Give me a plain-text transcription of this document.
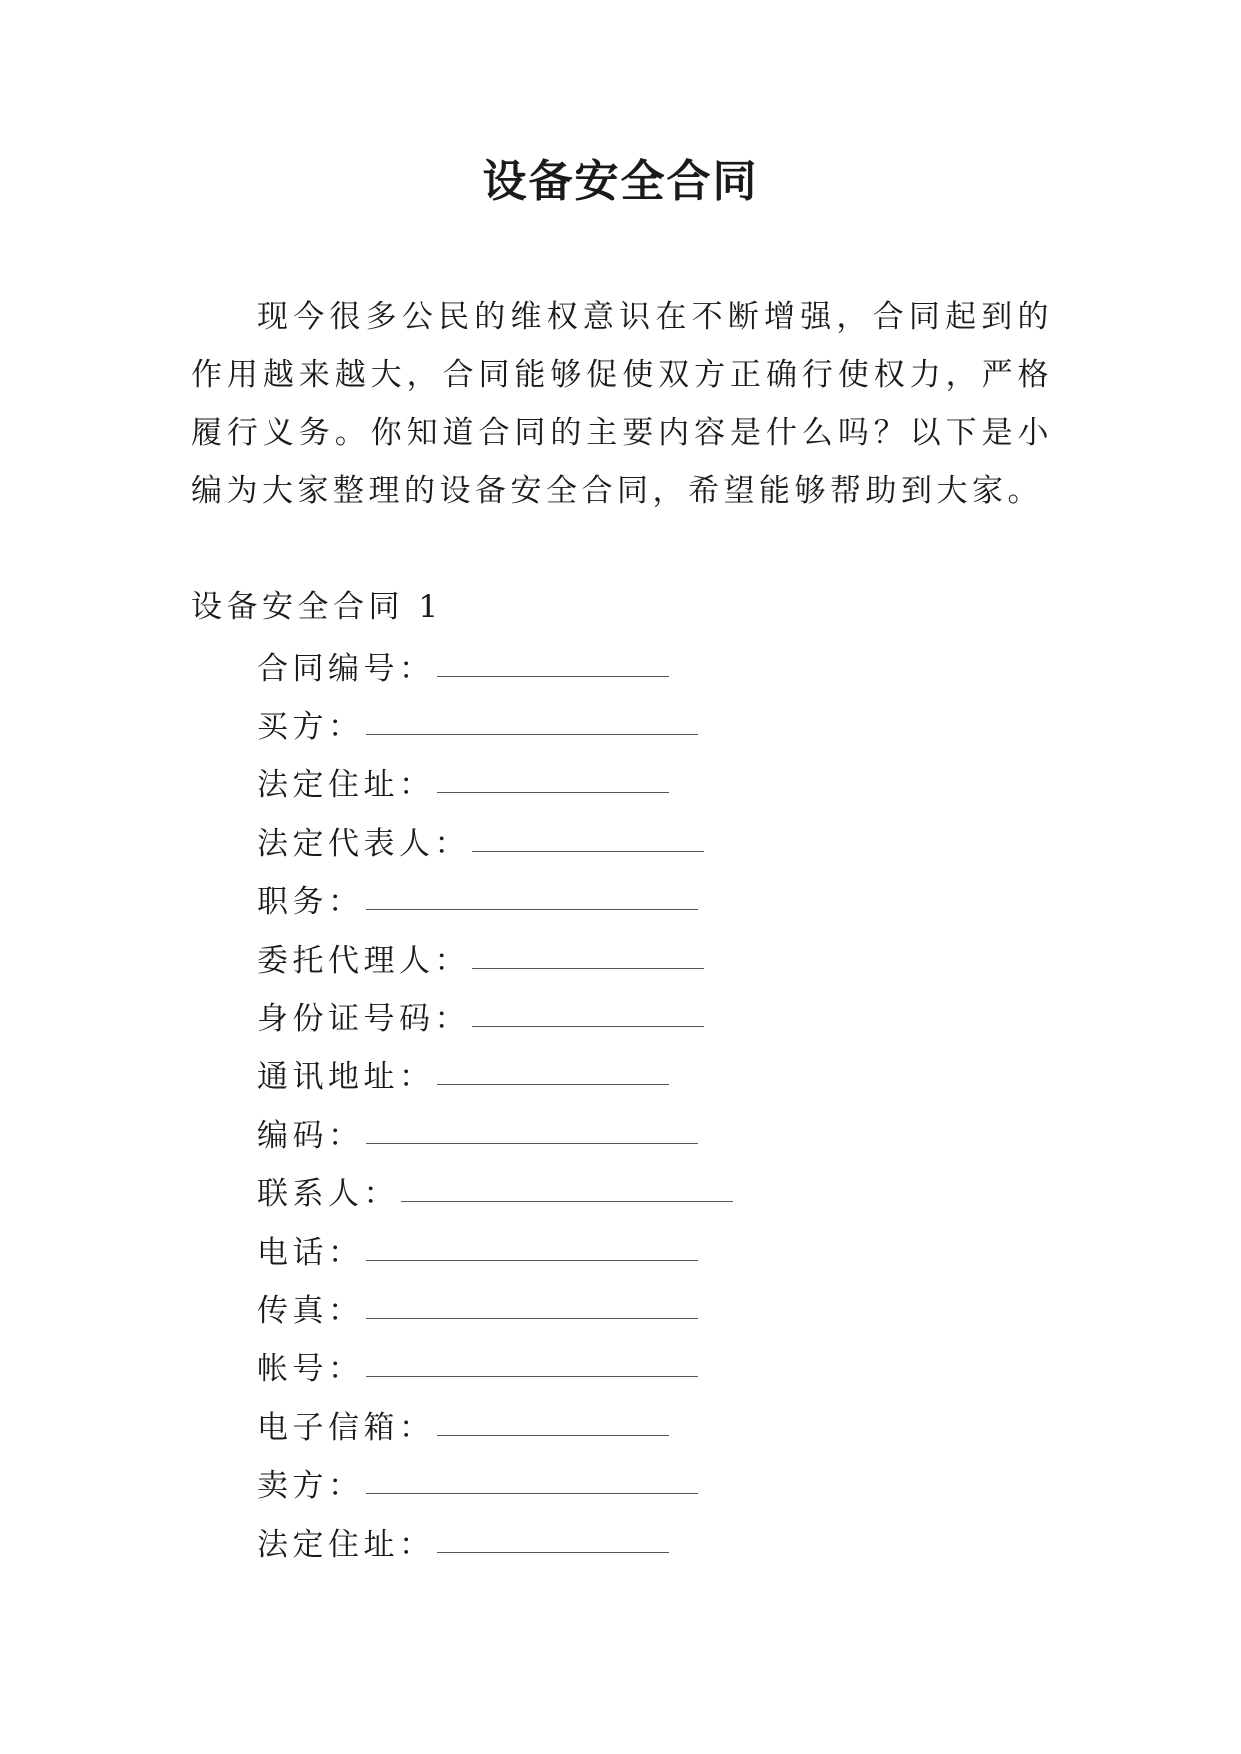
设备安全合同

现今很多公民的维权意识在不断增强，合同起到的作用越来越大，合同能够促使双方正确行使权力，严格履行义务。你知道合同的主要内容是什么吗？以下是小编为大家整理的设备安全合同，希望能够帮助到大家。

设备安全合同 1
合同编号：
买方：
法定住址：
法定代表人：
职务：
委托代理人：
身份证号码：
通讯地址：
编码：
联系人：
电话：
传真：
帐号：
电子信箱：
卖方：
法定住址：
